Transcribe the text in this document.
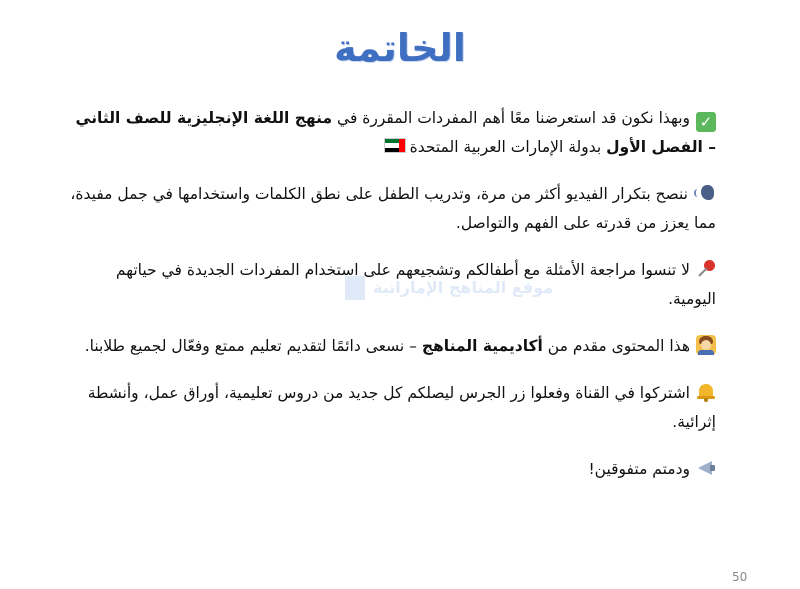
الخاتمة

✓وبهذا نكون قد استعرضنا معًا أهم المفردات المقررة في منهج اللغة الإنجليزية للصف الثاني – الفصل الأول بدولة الإمارات العربية المتحدة

ننصح بتكرار الفيديو أكثر من مرة، وتدريب الطفل على نطق الكلمات واستخدامها في جمل مفيدة، مما يعزز من قدرته على الفهم والتواصل.

لا تنسوا مراجعة الأمثلة مع أطفالكم وتشجيعهم على استخدام المفردات الجديدة في حياتهم اليومية.

هذا المحتوى مقدم من أكاديمية المناهج – نسعى دائمًا لتقديم تعليم ممتع وفعّال لجميع طلابنا.

اشتركوا في القناة وفعلوا زر الجرس ليصلكم كل جديد من دروس تعليمية، أوراق عمل، وأنشطة إثرائية.

ودمتم متفوقين!

موقع المناهج الإماراتية
50
